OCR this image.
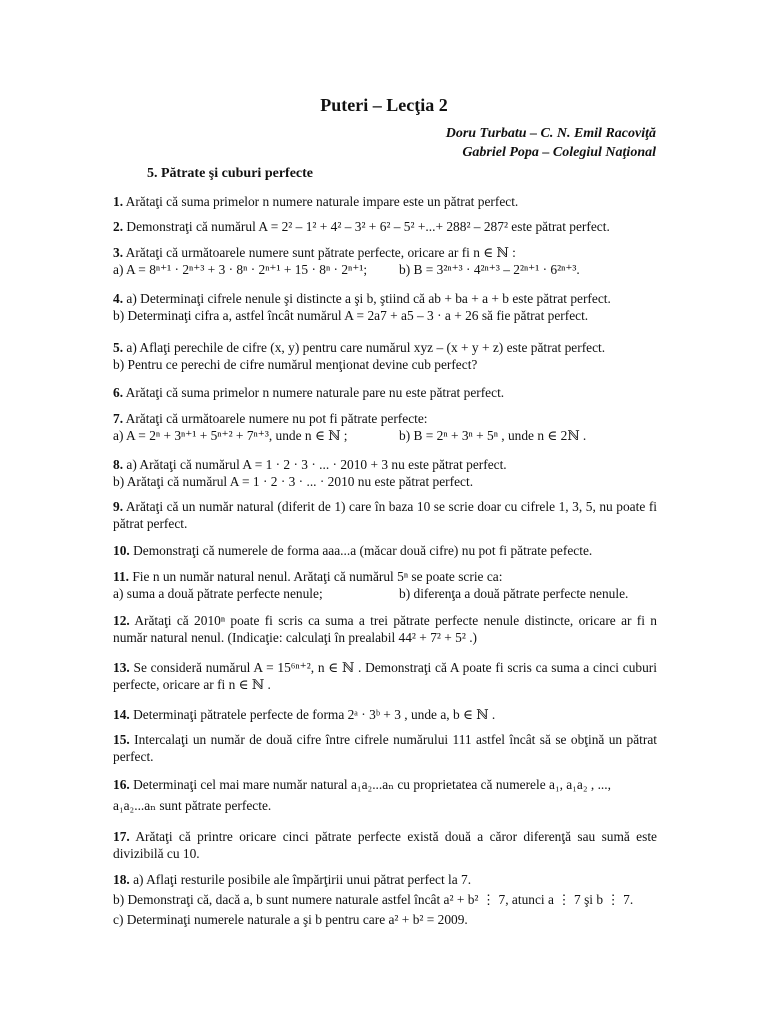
Puteri – Lecţia 2
Doru Turbatu – C. N. Emil Racoviţă
Gabriel Popa – Colegiul Naţional
5. Pătrate şi cuburi perfecte
1. Arătaţi că suma primelor n numere naturale impare este un pătrat perfect.
2. Demonstraţi că numărul A = 2² – 1² + 4² – 3² + 6² – 5² +...+ 288² – 287² este pătrat perfect.
3. Arătaţi că următoarele numere sunt pătrate perfecte, oricare ar fi n ∈ ℕ :
a) A = 8ⁿ⁺¹ · 2ⁿ⁺³ + 3 · 8ⁿ · 2ⁿ⁺¹ + 15 · 8ⁿ · 2ⁿ⁺¹; b) B = 3²ⁿ⁺³ · 4²ⁿ⁺³ – 2²ⁿ⁺¹ · 6²ⁿ⁺³.
4. a) Determinaţi cifrele nenule şi distincte a şi b, ştiind că ab + ba + a + b este pătrat perfect.
b) Determinaţi cifra a, astfel încât numărul A = 2a7 + a5 – 3 · a + 26 să fie pătrat perfect.
5. a) Aflaţi perechile de cifre (x, y) pentru care numărul xyz – (x + y + z) este pătrat perfect.
b) Pentru ce perechi de cifre numărul menţionat devine cub perfect?
6. Arătaţi că suma primelor n numere naturale pare nu este pătrat perfect.
7. Arătaţi că următoarele numere nu pot fi pătrate perfecte:
a) A = 2ⁿ + 3ⁿ⁺¹ + 5ⁿ⁺² + 7ⁿ⁺³, unde n ∈ ℕ ;	b) B = 2ⁿ + 3ⁿ + 5ⁿ , unde n ∈ 2ℕ .
8. a) Arătaţi că numărul A = 1 · 2 · 3 · ... · 2010 + 3 nu este pătrat perfect.
b) Arătaţi că numărul A = 1 · 2 · 3 · ... · 2010 nu este pătrat perfect.
9. Arătaţi că un număr natural (diferit de 1) care în baza 10 se scrie doar cu cifrele 1, 3, 5, nu poate fi pătrat perfect.
10. Demonstraţi că numerele de forma aaa...a (măcar două cifre) nu pot fi pătrate pefecte.
11. Fie n un număr natural nenul. Arătaţi că numărul 5ⁿ se poate scrie ca:
a) suma a două pătrate perfecte nenule;	b) diferenţa a două pătrate perfecte nenule.
12. Arătaţi că 2010ⁿ poate fi scris ca suma a trei pătrate perfecte nenule distincte, oricare ar fi n număr natural nenul. (Indicaţie: calculaţi în prealabil 44² + 7² + 5² .)
13. Se consideră numărul A = 15⁶ⁿ⁺², n ∈ ℕ . Demonstraţi că A poate fi scris ca suma a cinci cuburi perfecte, oricare ar fi n ∈ ℕ .
14. Determinaţi pătratele perfecte de forma 2ᵃ · 3ᵇ + 3 , unde a, b ∈ ℕ .
15. Intercalaţi un număr de două cifre între cifrele numărului 111 astfel încât să se obţină un pătrat perfect.
16. Determinaţi cel mai mare număr natural a₁a₂...aₙ cu proprietatea că numerele a₁, a₁a₂ , ...,
a₁a₂...aₙ sunt pătrate perfecte.
17. Arătaţi că printre oricare cinci pătrate perfecte există două a căror diferenţă sau sumă este divizibilă cu 10.
18. a) Aflaţi resturile posibile ale împărţirii unui pătrat perfect la 7.
b) Demonstraţi că, dacă a, b sunt numere naturale astfel încât a² + b² ⋮ 7, atunci a ⋮ 7 şi b ⋮ 7.
c) Determinaţi numerele naturale a şi b pentru care a² + b² = 2009.
